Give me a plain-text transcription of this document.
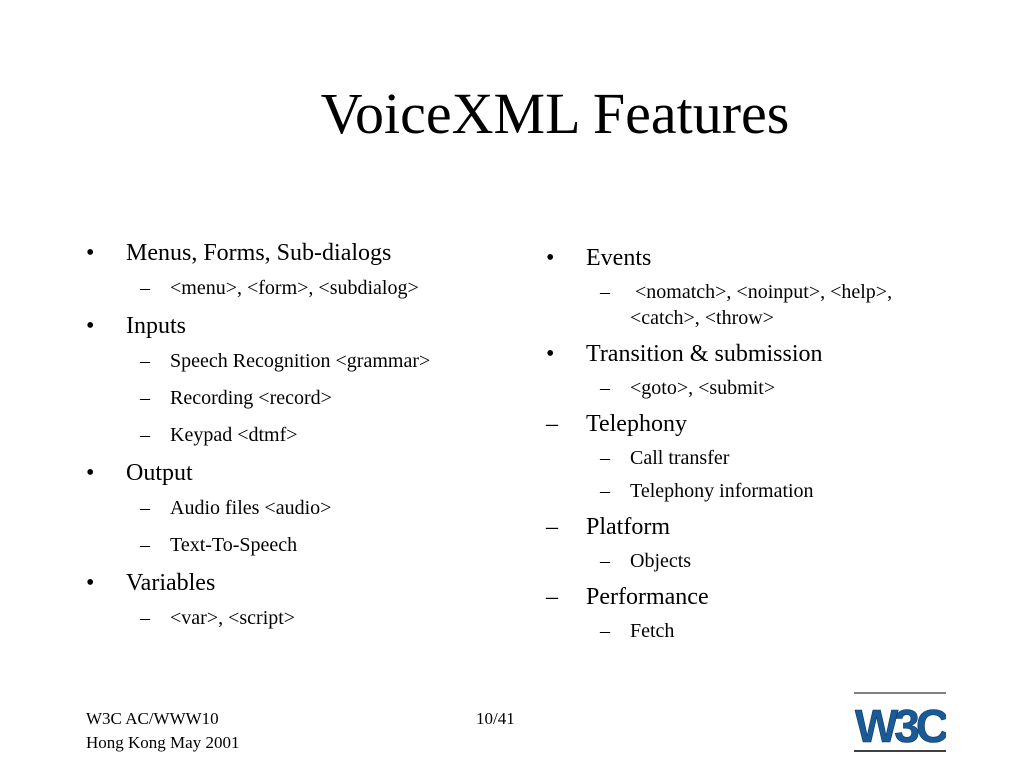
VoiceXML Features
• Menus, Forms, Sub-dialogs
– <menu>, <form>, <subdialog>
• Inputs
– Speech Recognition <grammar>
– Recording <record>
– Keypad <dtmf>
• Output
– Audio files <audio>
– Text-To-Speech
• Variables
– <var>, <script>
• Events
– <nomatch>, <noinput>, <help>, <catch>, <throw>
• Transition & submission
– <goto>, <submit>
– Telephony
– Call transfer
– Telephony information
– Platform
– Objects
– Performance
– Fetch
W3C AC/WWW10
Hong Kong May 2001
10/41	W3C
